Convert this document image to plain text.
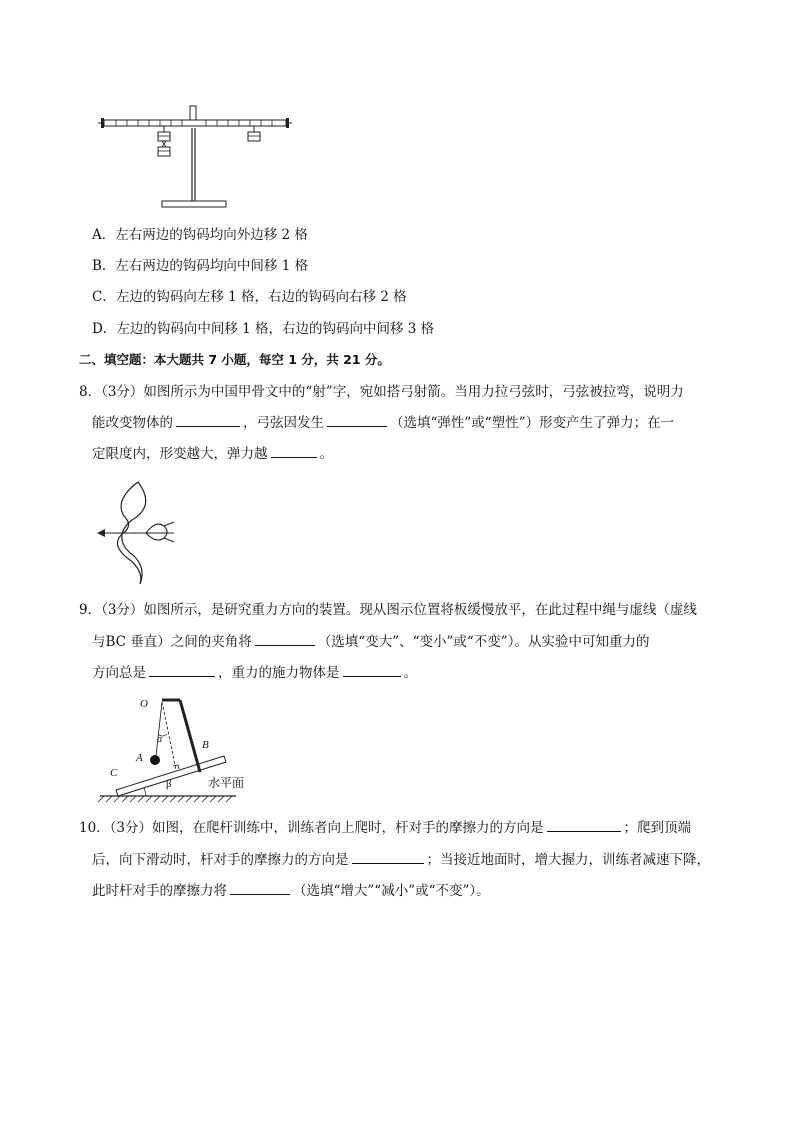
A．左右两边的钩码均向外边移 2 格
B．左右两边的钩码均向中间移 1 格
C．左边的钩码向左移 1 格，右边的钩码向右移 2 格
D．左边的钩码向中间移 1 格，右边的钩码向中间移 3 格
二、填空题：本大题共 7 小题，每空 1 分，共 21 分。
8．（3分）如图所示为中国甲骨文中的“射”字，宛如搭弓射箭。当用力拉弓弦时，弓弦被拉弯，说明力
能改变物体的	，弓弦因发生	（选填“弹性”或“塑性”）形变产生了弹力；在一
定限度内，形变越大，弹力越	。
9．（3分）如图所示，是研究重力方向的装置。现从图示位置将板缓慢放平，在此过程中绳与虚线（虚线
与BC 垂直）之间的夹角将	（选填“变大”、“变小”或“不变”）。从实验中可知重力的
方向总是	，重力的施力物体是	。
O
α
A
B
C
β	水平面
10．（3分）如图，在爬杆训练中，训练者向上爬时，杆对手的摩擦力的方向是	；爬到顶端
后，向下滑动时，杆对手的摩擦力的方向是	；当接近地面时，增大握力，训练者减速下降，
此时杆对手的摩擦力将	（选填“增大”“减小”或“不变”）。
